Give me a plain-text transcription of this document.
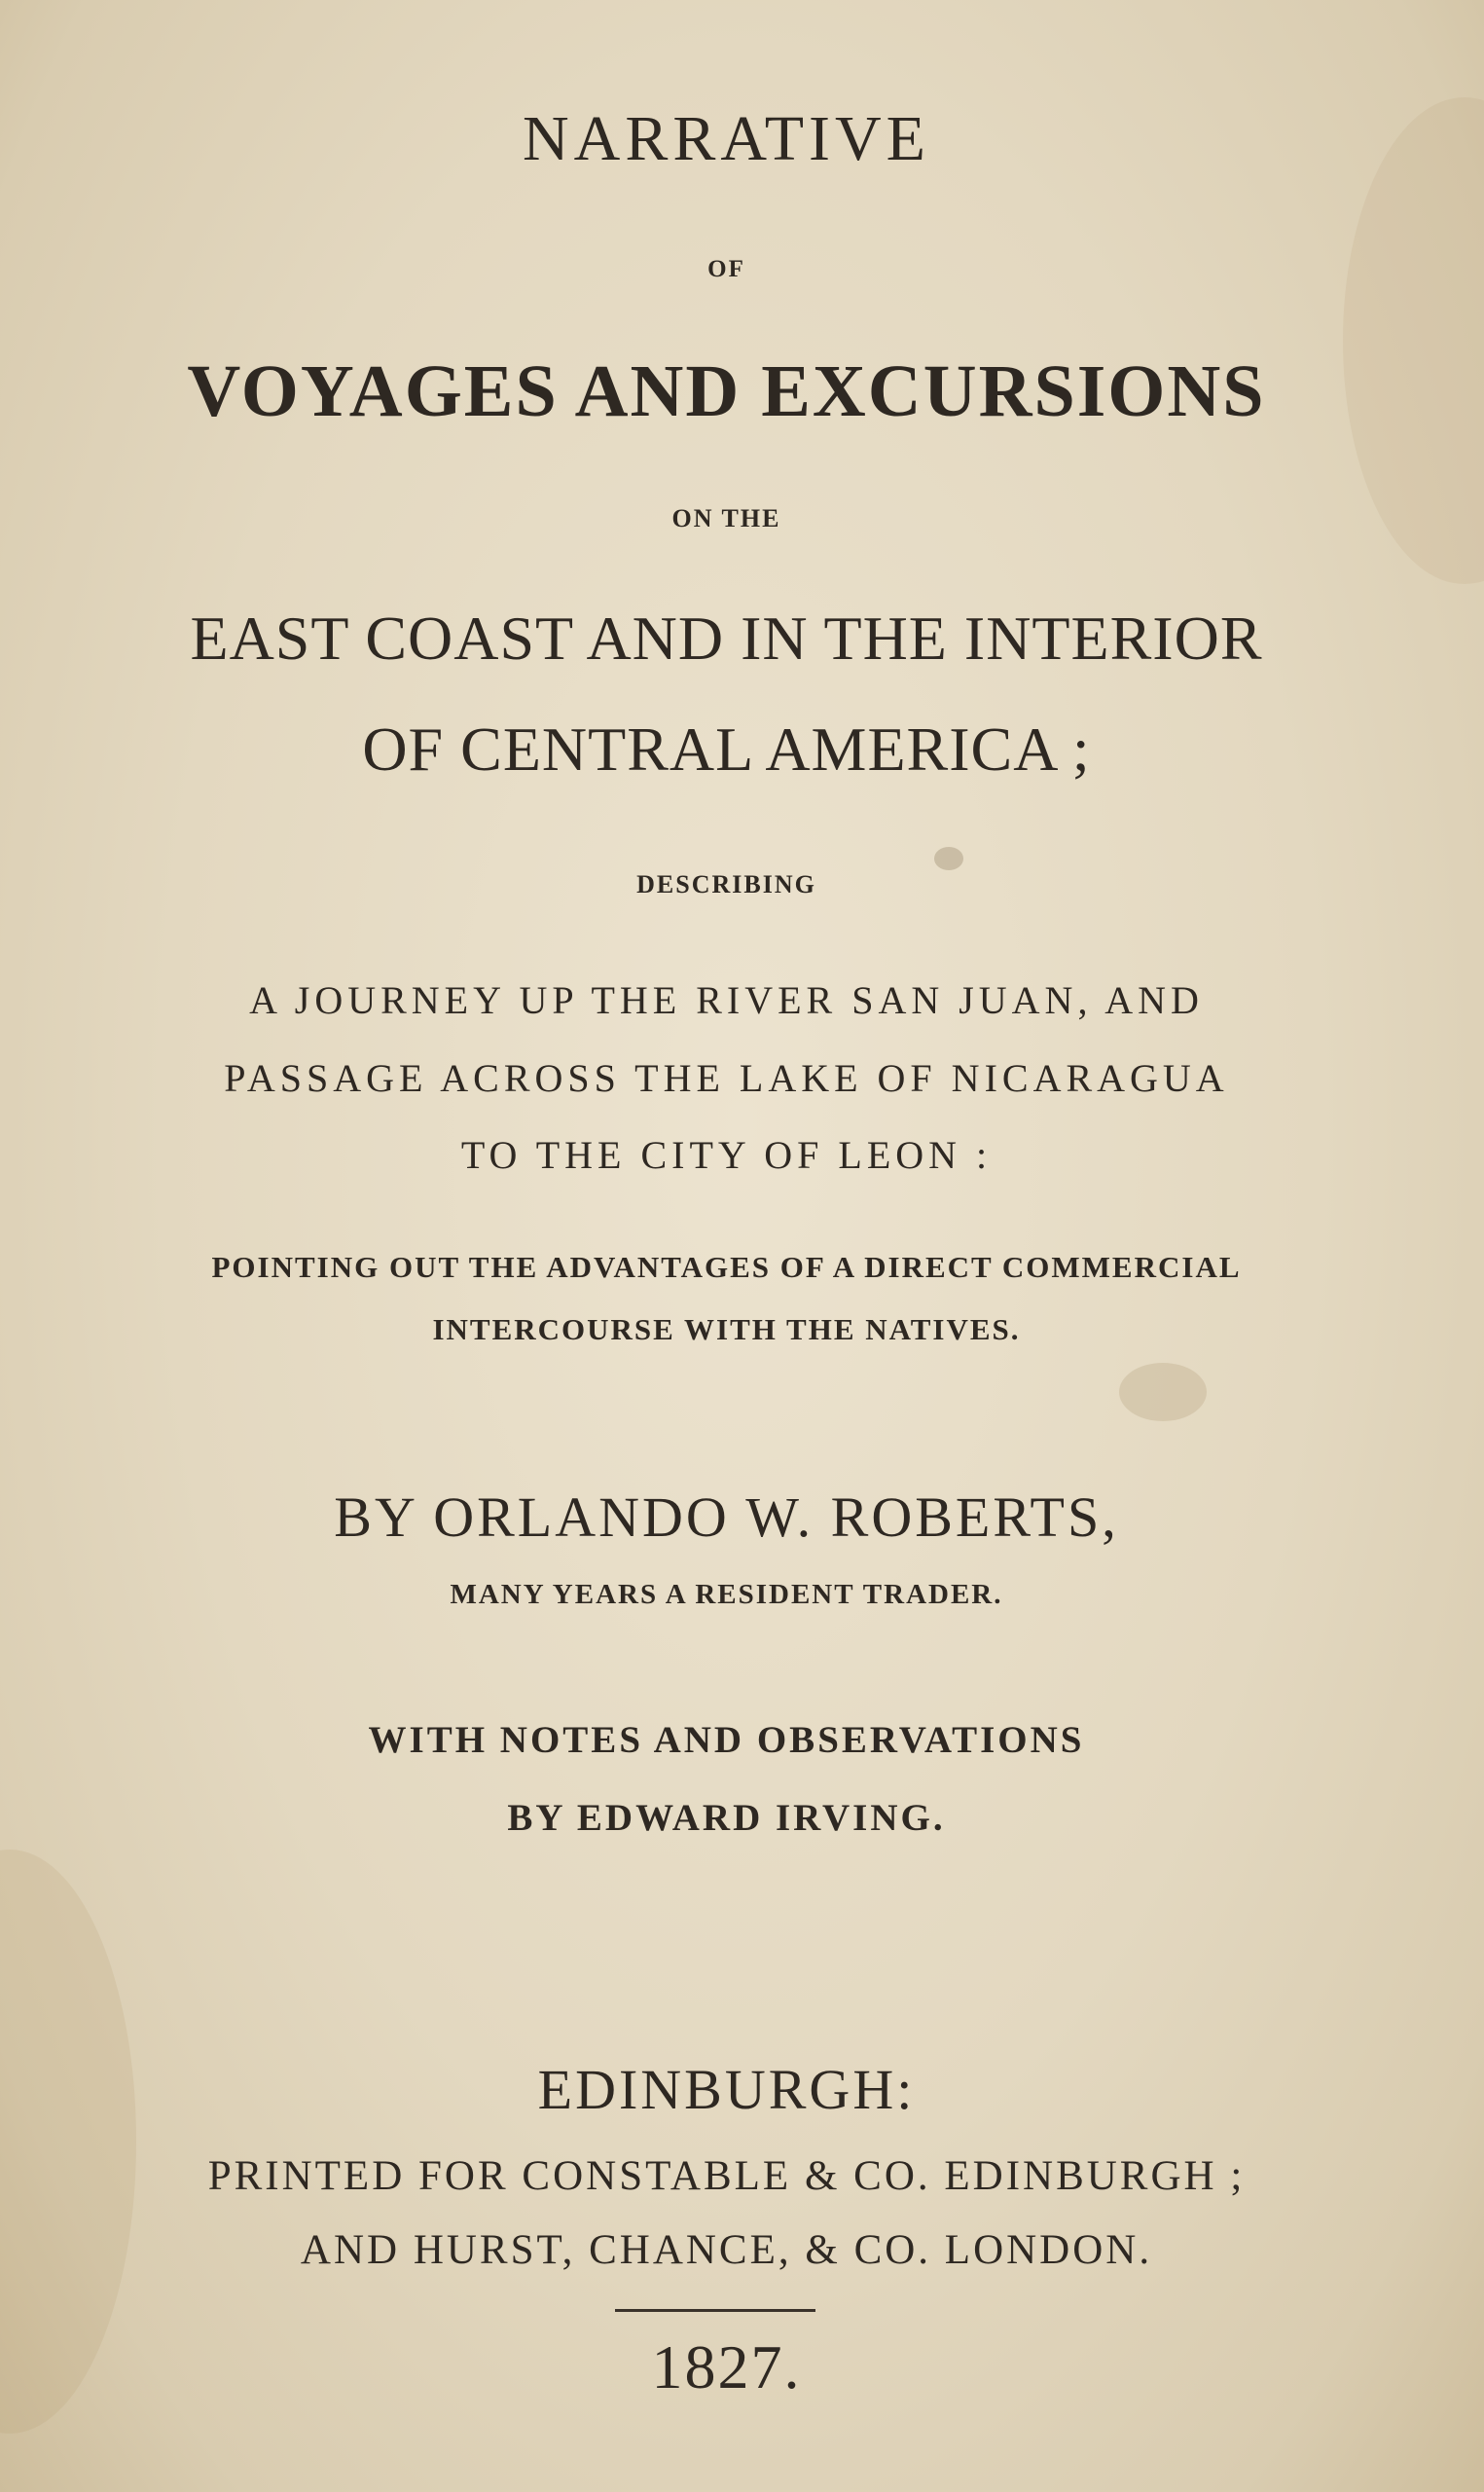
NARRATIVE
OF
VOYAGES AND EXCURSIONS
ON THE
EAST COAST AND IN THE INTERIOR
OF CENTRAL AMERICA ;
DESCRIBING
A JOURNEY UP THE RIVER SAN JUAN, AND
PASSAGE ACROSS THE LAKE OF NICARAGUA
TO THE CITY OF LEON :
POINTING OUT THE ADVANTAGES OF A DIRECT COMMERCIAL
INTERCOURSE WITH THE NATIVES.
BY ORLANDO W. ROBERTS,
MANY YEARS A RESIDENT TRADER.
WITH NOTES AND OBSERVATIONS
BY EDWARD IRVING.
EDINBURGH:
PRINTED FOR CONSTABLE & CO. EDINBURGH ;
AND HURST, CHANCE, & CO. LONDON.
1827.
